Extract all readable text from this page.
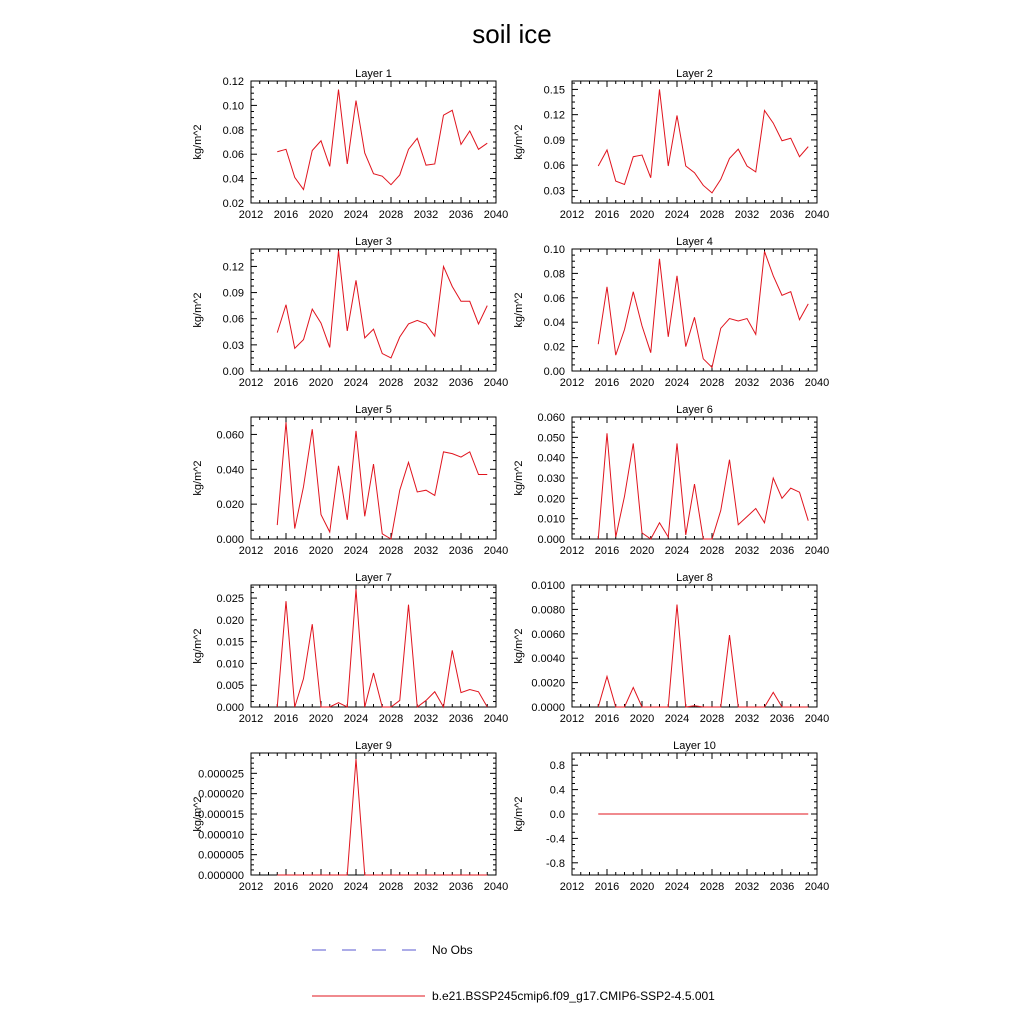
soil ice
Layer 1
kg/m^2
2012 2016 2020 2024 2028 2032 2036 2040
0.02
0.04
0.06
0.08
0.10
0.12
Layer 2
kg/m^2
2012 2016 2020 2024 2028 2032 2036 2040
0.03
0.06
0.09
0.12
0.15
Layer 3
kg/m^2
2012 2016 2020 2024 2028 2032 2036 2040
0.00
0.03
0.06
0.09
0.12
Layer 4
kg/m^2
2012 2016 2020 2024 2028 2032 2036 2040
0.00
0.02
0.04
0.06
0.08
0.10
Layer 5
kg/m^2
2012 2016 2020 2024 2028 2032 2036 2040
0.000
0.020
0.040
0.060
Layer 6
kg/m^2
2012 2016 2020 2024 2028 2032 2036 2040
0.000
0.010
0.020
0.030
0.040
0.050
0.060
Layer 7
kg/m^2
2012 2016 2020 2024 2028 2032 2036 2040
0.000
0.005
0.010
0.015
0.020
0.025
Layer 8
kg/m^2
2012 2016 2020 2024 2028 2032 2036 2040
0.0000
0.0020
0.0040
0.0060
0.0080
0.0100
Layer 9
kg/m^2
2012 2016 2020 2024 2028 2032 2036 2040
0.000000
0.000005
0.000010
0.000015
0.000020
0.000025
Layer 10
kg/m^2
2012 2016 2020 2024 2028 2032 2036 2040
-0.8
-0.4
0.0
0.4
0.8
No Obs
b.e21.BSSP245cmip6.f09_g17.CMIP6-SSP2-4.5.001
